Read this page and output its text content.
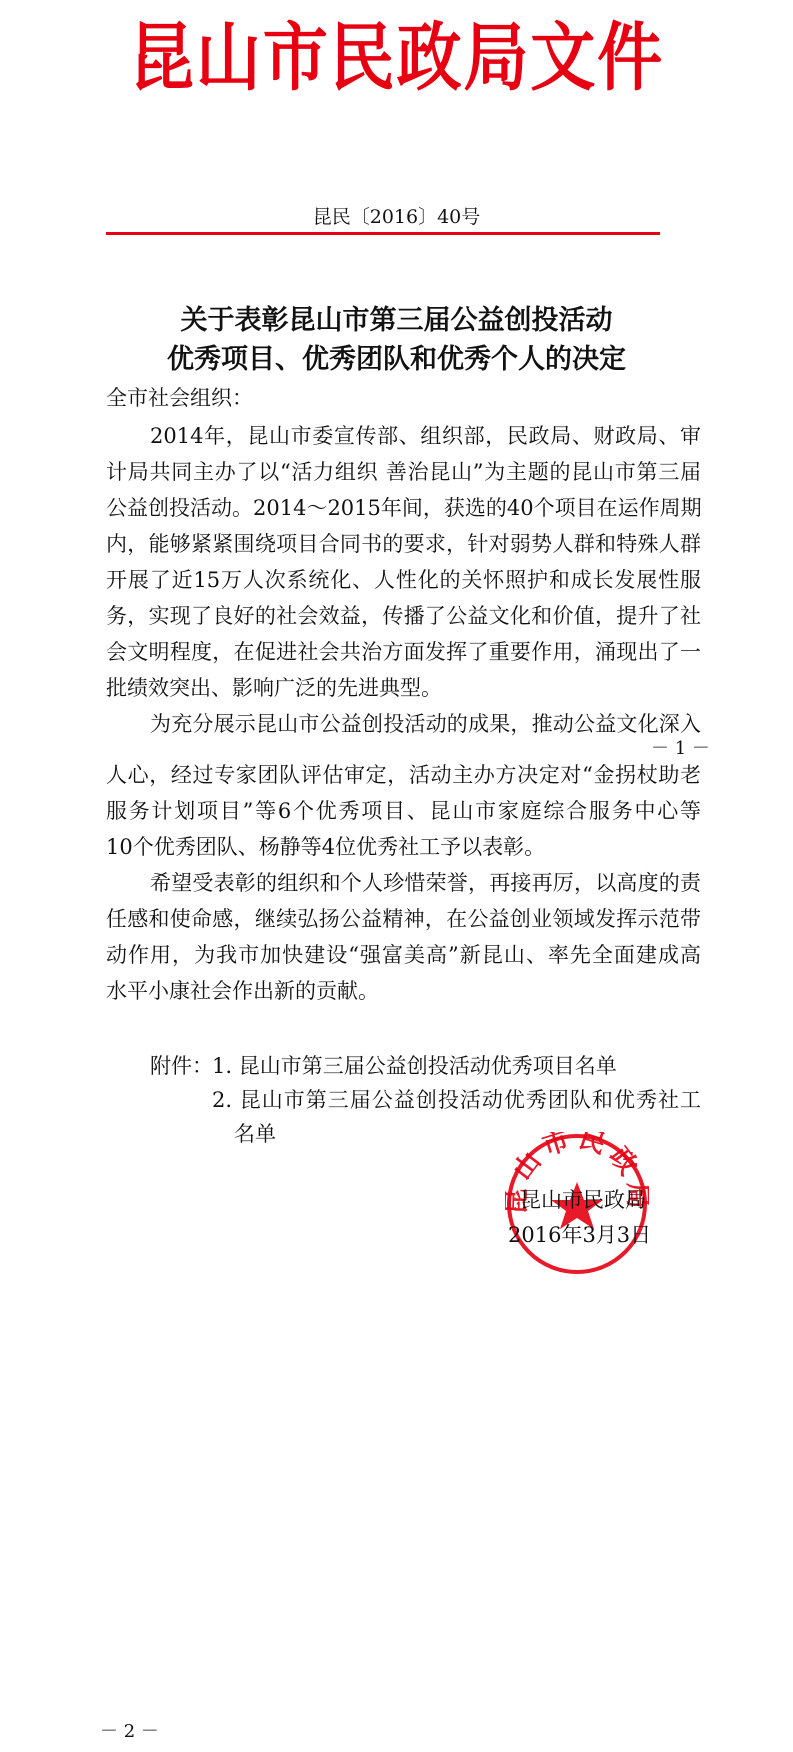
昆山市民政局文件
昆民〔2016〕40号
关于表彰昆山市第三届公益创投活动
优秀项目、优秀团队和优秀个人的决定
全市社会组织：
2014年，昆山市委宣传部、组织部，民政局、财政局、审
计局共同主办了以“活力组织 善治昆山”为主题的昆山市第三届
公益创投活动。2014～2015年间，获选的40个项目在运作周期
内，能够紧紧围绕项目合同书的要求，针对弱势人群和特殊人群
开展了近15万人次系统化、人性化的关怀照护和成长发展性服
务，实现了良好的社会效益，传播了公益文化和价值，提升了社
会文明程度，在促进社会共治方面发挥了重要作用，涌现出了一
批绩效突出、影响广泛的先进典型。
为充分展示昆山市公益创投活动的成果，推动公益文化深入
－ 1 －
人心，经过专家团队评估审定，活动主办方决定对“金拐杖助老
服务计划项目”等6个优秀项目、昆山市家庭综合服务中心等
10个优秀团队、杨静等4位优秀社工予以表彰。
希望受表彰的组织和个人珍惜荣誉，再接再厉，以高度的责
任感和使命感，继续弘扬公益精神，在公益创业领域发挥示范带
动作用，为我市加快建设“强富美高”新昆山、率先全面建成高
水平小康社会作出新的贡献。
附件： 1. 昆山市第三届公益创投活动优秀项目名单
2. 昆山市第三届公益创投活动优秀团队和优秀社工
名单
山市民政
昆山市民政局
2016年3月3日
－ 2 －
